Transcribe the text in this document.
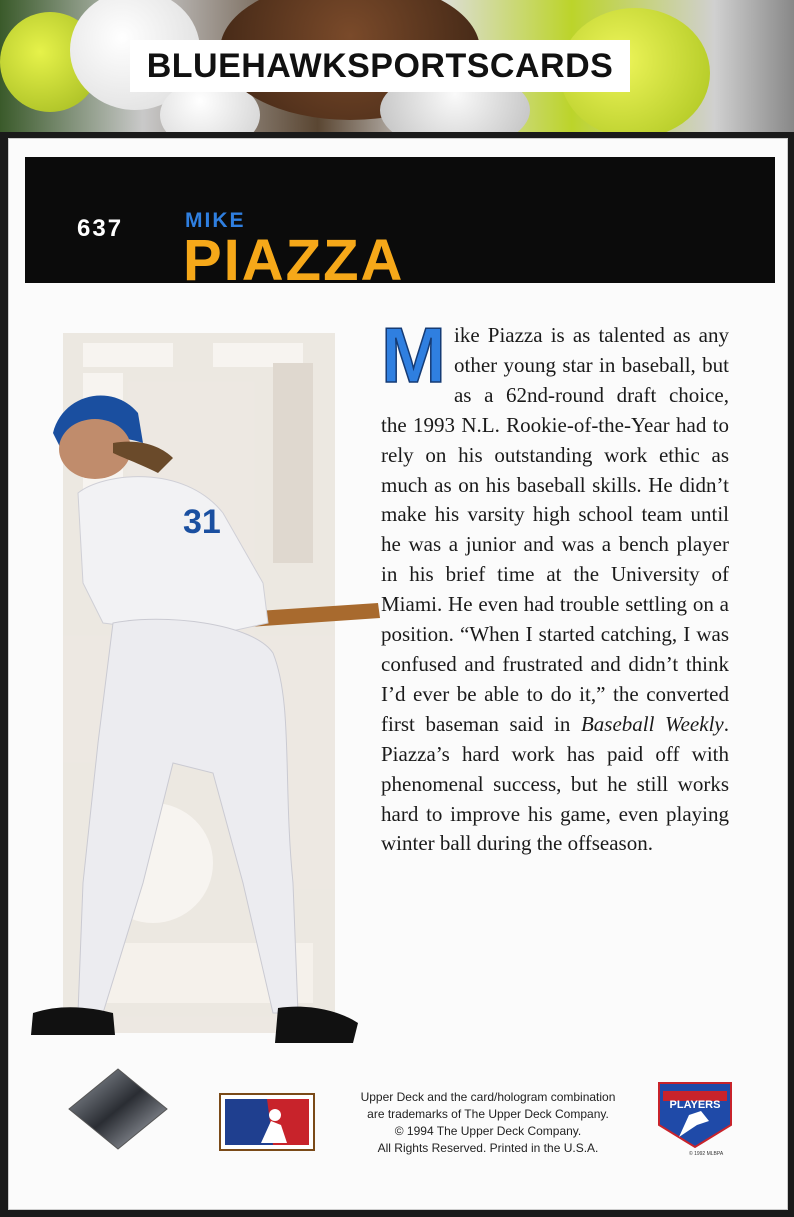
BLUEHAWKSPORTSCARDS
637	MIKE
PIAZZA
31
Mike Piazza is as talented as any other young star in baseball, but as a 62nd-round draft choice, the 1993 N.L. Rookie-of-the-Year had to rely on his outstanding work ethic as much as on his baseball skills. He didn’t make his varsity high school team until he was a junior and was a bench player in his brief time at the University of Miami. He even had trouble settling on a position. “When I started catching, I was confused and frustrated and didn’t think I’d ever be able to do it,” the converted first baseman said in Baseball Weekly. Piazza’s hard work has paid off with phenomenal success, but he still works hard to improve his game, even playing winter ball during the offseason.
Upper Deck and the card/hologram combination
are trademarks of The Upper Deck Company.
© 1994 The Upper Deck Company.
All Rights Reserved. Printed in the U.S.A.
PLAYERS
© 1992 MLBPA
